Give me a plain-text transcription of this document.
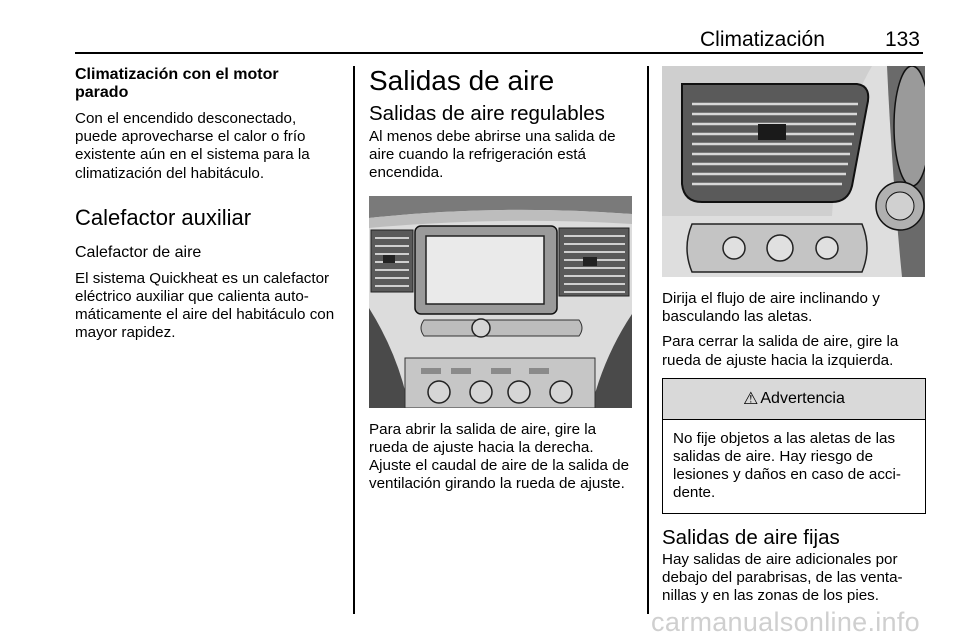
Climatización	133
Climatización con el motor parado

Con el encendido desconectado, puede aprovecharse el calor o frío existente aún en el sistema para la climatización del habitáculo.

Calefactor auxiliar
Calefactor de aire

El sistema Quickheat es un calefactor eléctrico auxiliar que calienta auto-máticamente el aire del habitáculo con mayor rapidez.

Salidas de aire
Salidas de aire regulables

Al menos debe abrirse una salida de aire cuando la refrigeración está encendida.

Para abrir la salida de aire, gire la rueda de ajuste hacia la derecha. Ajuste el caudal de aire de la salida de ventilación girando la rueda de ajuste.

Dirija el flujo de aire inclinando y basculando las aletas.

Para cerrar la salida de aire, gire la rueda de ajuste hacia la izquierda.

⚠ Advertencia
No fije objetos a las aletas de las salidas de aire. Hay riesgo de lesiones y daños en caso de acci-dente.
Salidas de aire fijas

Hay salidas de aire adicionales por debajo del parabrisas, de las venta-nillas y en las zonas de los pies.

carmanualsonline.info
